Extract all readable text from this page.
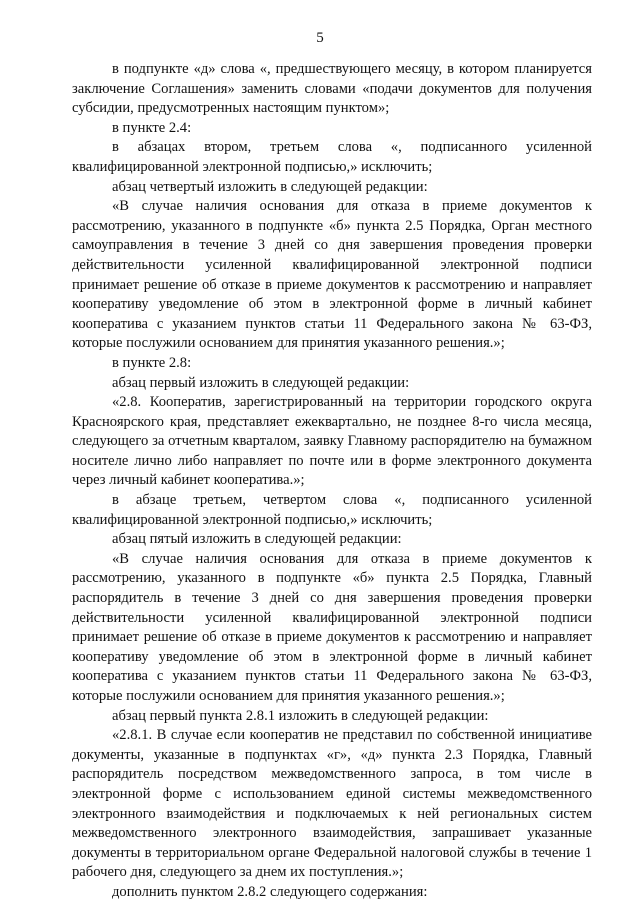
5

в подпункте «д» слова «, предшествующего месяцу, в котором планируется заключение Соглашения» заменить словами «подачи документов для получения субсидии, предусмотренных настоящим пунктом»;

в пункте 2.4:

в абзацах втором, третьем слова «, подписанного усиленной квалифицированной электронной подписью,» исключить;

абзац четвертый изложить в следующей редакции:

«В случае наличия основания для отказа в приеме документов к рассмотрению, указанного в подпункте «б» пункта 2.5 Порядка, Орган местного самоуправления в течение 3 дней со дня завершения проведения проверки действительности усиленной квалифицированной электронной подписи принимает решение об отказе в приеме документов к рассмотрению и направляет кооперативу уведомление об этом в электронной форме в личный кабинет кооператива с указанием пунктов статьи 11 Федерального закона № 63-ФЗ, которые послужили основанием для принятия указанного решения.»;

в пункте 2.8:

абзац первый изложить в следующей редакции:

«2.8. Кооператив, зарегистрированный на территории городского округа Красноярского края, представляет ежеквартально, не позднее 8-го числа месяца, следующего за отчетным кварталом, заявку Главному распорядителю на бумажном носителе лично либо направляет по почте или в форме электронного документа через личный кабинет кооператива.»;

в абзаце третьем, четвертом слова «, подписанного усиленной квалифицированной электронной подписью,» исключить;

абзац пятый изложить в следующей редакции:

«В случае наличия основания для отказа в приеме документов к рассмотрению, указанного в подпункте «б» пункта 2.5 Порядка, Главный распорядитель в течение 3 дней со дня завершения проведения проверки действительности усиленной квалифицированной электронной подписи принимает решение об отказе в приеме документов к рассмотрению и направляет кооперативу уведомление об этом в электронной форме в личный кабинет кооператива с указанием пунктов статьи 11 Федерального закона № 63-ФЗ, которые послужили основанием для принятия указанного решения.»;

абзац первый пункта 2.8.1 изложить в следующей редакции:

«2.8.1. В случае если кооператив не представил по собственной инициативе документы, указанные в подпунктах «г», «д» пункта 2.3 Порядка, Главный распорядитель посредством межведомственного запроса, в том числе в электронной форме с использованием единой системы межведомственного электронного взаимодействия и подключаемых к ней региональных систем межведомственного электронного взаимодействия, запрашивает указанные документы в территориальном органе Федеральной налоговой службы в течение 1 рабочего дня, следующего за днем их поступления.»;

дополнить пунктом 2.8.2 следующего содержания:
